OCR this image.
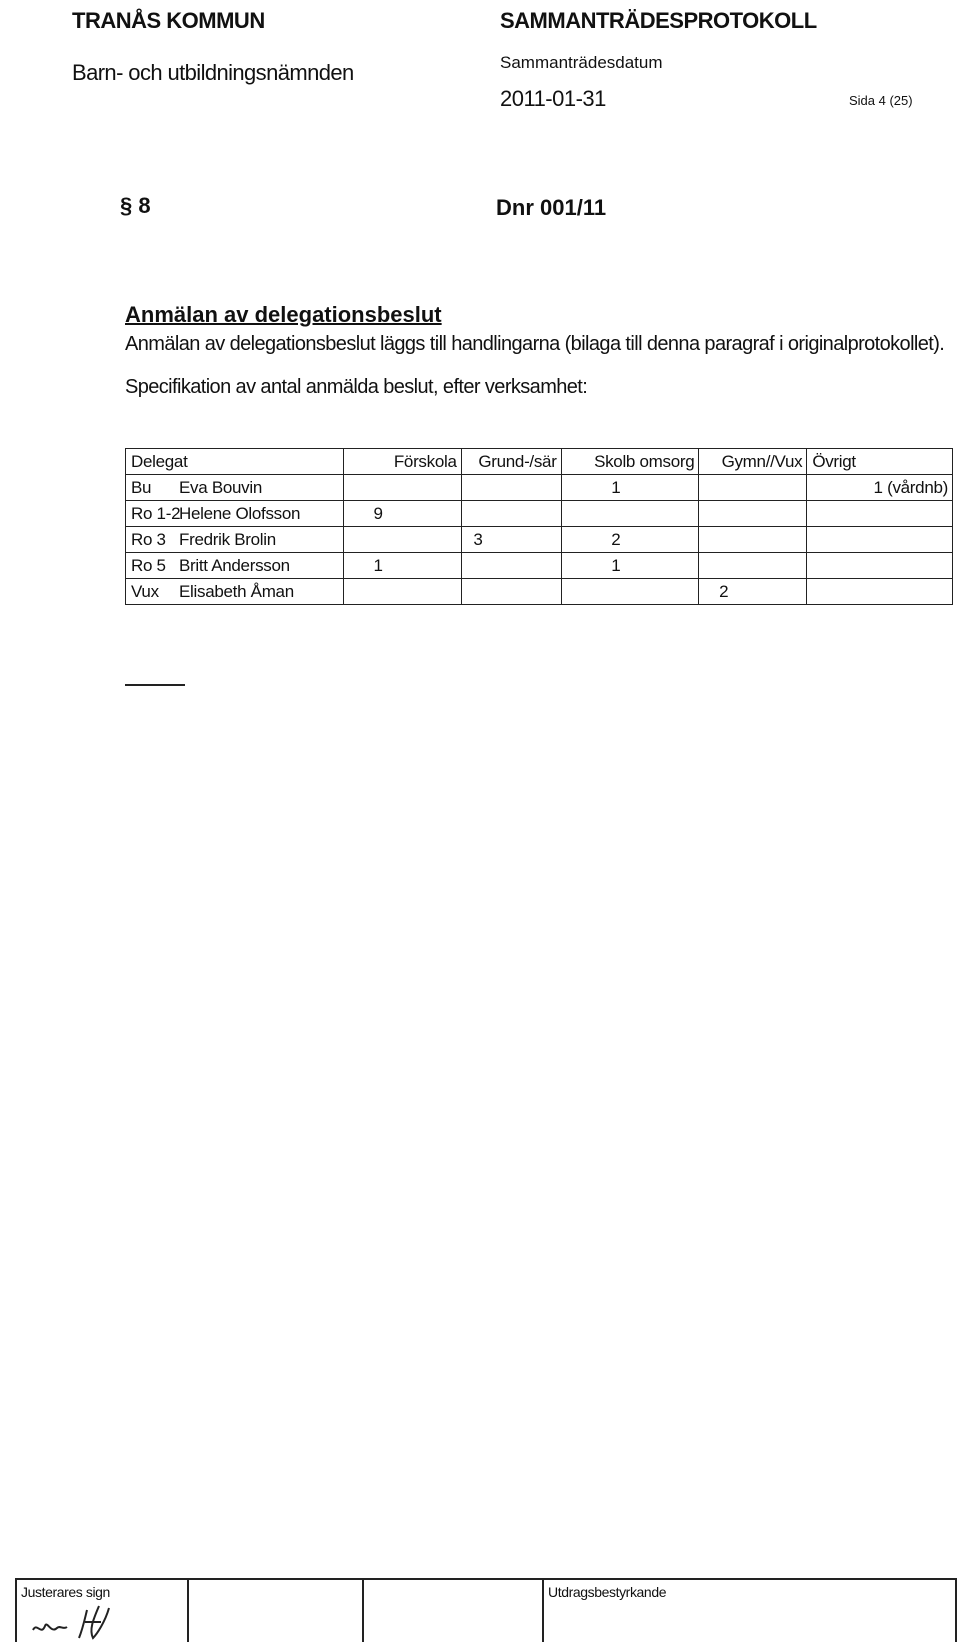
TRANÅS KOMMUN	SAMMANTRÄDESPROTOKOLL
Barn- och utbildningsnämnden	Sammanträdesdatum
2011-01-31	Sida 4 (25)
§ 8	Dnr 001/11
Anmälan av delegationsbeslut
Anmälan av delegationsbeslut läggs till handlingarna (bilaga till denna paragraf i originalprotokollet).
Specifikation av antal anmälda beslut, efter verksamhet:
Delegat	Förskola	Grund-/sär	Skolb omsorg	Gymn//Vux	Övrigt
Bu Eva Bouvin			1		1 (vårdnb)
Ro 1-2Helene Olofsson	9				
Ro 3 Fredrik Brolin		3	2		
Ro 5 Britt Andersson	1		1		
Vux Elisabeth Åman				2	
Justerares sign	Utdragsbestyrkande
